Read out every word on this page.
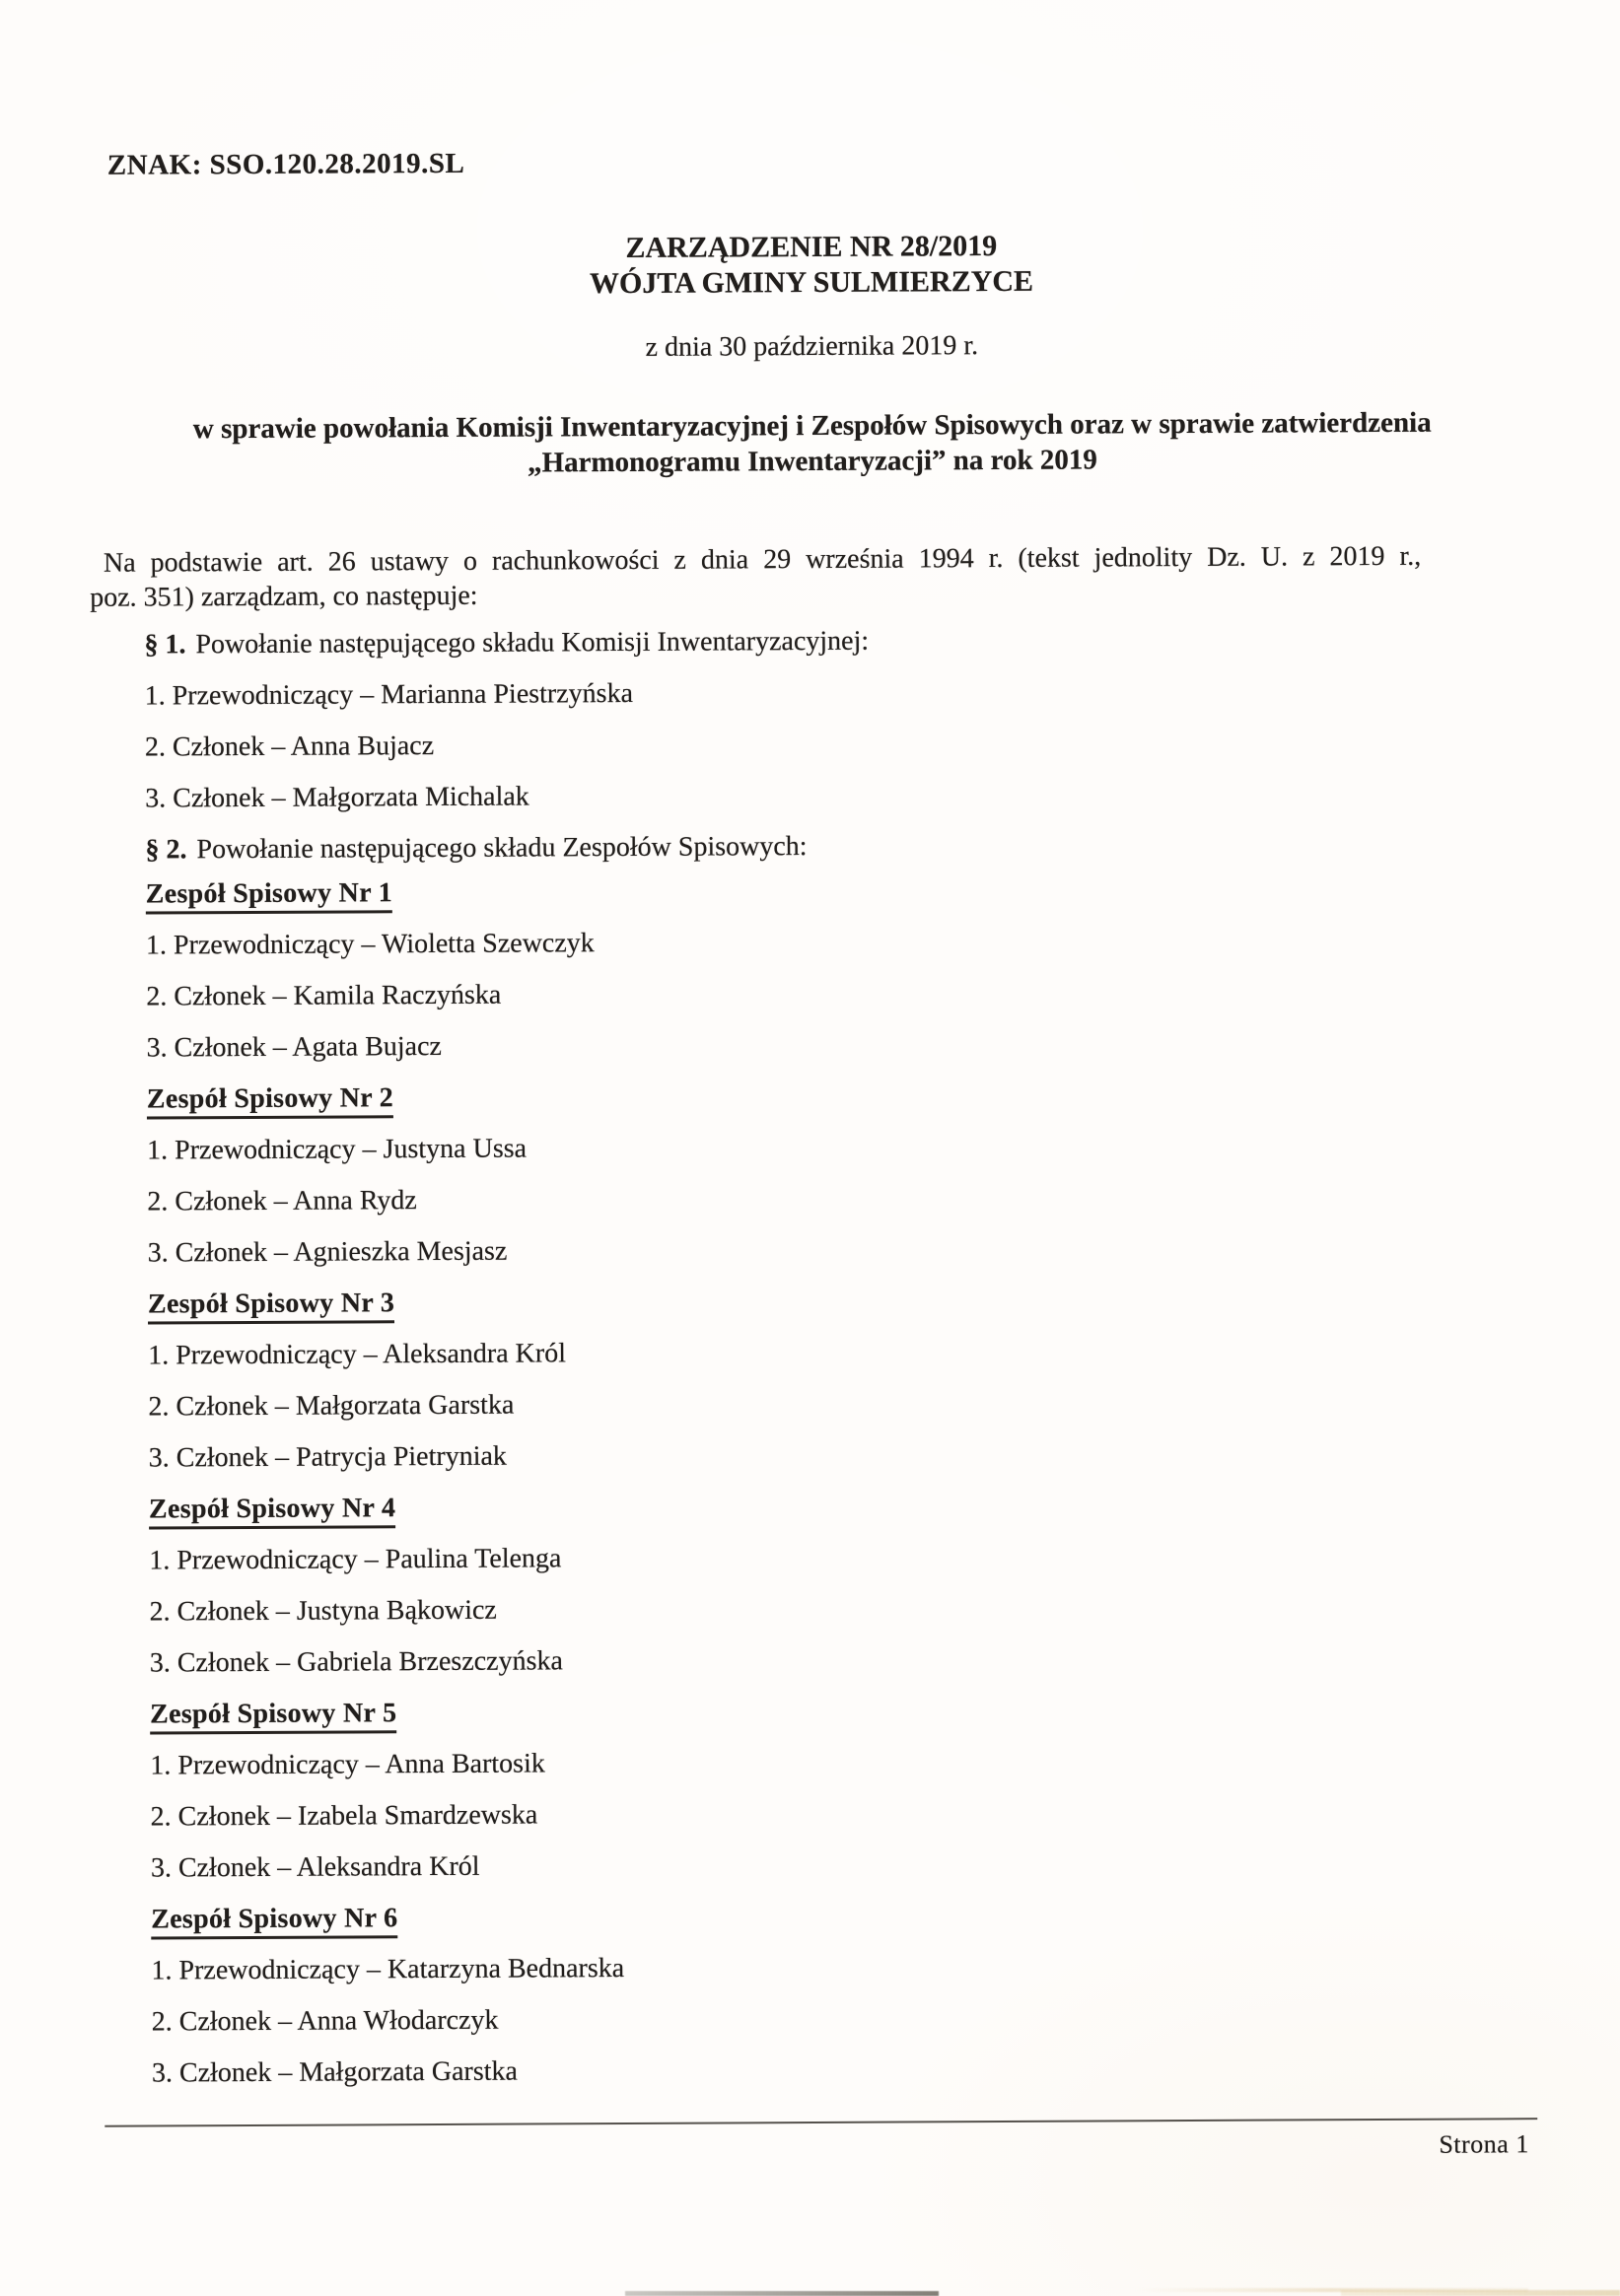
ZNAK: SSO.120.28.2019.SL
ZARZĄDZENIE NR 28/2019
WÓJTA GMINY SULMIERZYCE
z dnia 30 października 2019 r.
w sprawie powołania Komisji Inwentaryzacyjnej i Zespołów Spisowych oraz w sprawie zatwierdzenia
„Harmonogramu Inwentaryzacji” na rok 2019
Na podstawie art. 26 ustawy o rachunkowości z dnia 29 września 1994 r. (tekst jednolity Dz. U. z 2019 r.,
poz. 351) zarządzam, co następuje:
§ 1. Powołanie następującego składu Komisji Inwentaryzacyjnej:
1. Przewodniczący – Marianna Piestrzyńska
2. Członek – Anna Bujacz
3. Członek – Małgorzata Michalak
§ 2. Powołanie następującego składu Zespołów Spisowych:
Zespół Spisowy Nr 1
1. Przewodniczący – Wioletta Szewczyk
2. Członek – Kamila Raczyńska
3. Członek – Agata Bujacz
Zespół Spisowy Nr 2
1. Przewodniczący – Justyna Ussa
2. Członek – Anna Rydz
3. Członek – Agnieszka Mesjasz
Zespół Spisowy Nr 3
1. Przewodniczący – Aleksandra Król
2. Członek – Małgorzata Garstka
3. Członek – Patrycja Pietryniak
Zespół Spisowy Nr 4
1. Przewodniczący – Paulina Telenga
2. Członek – Justyna Bąkowicz
3. Członek – Gabriela Brzeszczyńska
Zespół Spisowy Nr 5
1. Przewodniczący – Anna Bartosik
2. Członek – Izabela Smardzewska
3. Członek – Aleksandra Król
Zespół Spisowy Nr 6
1. Przewodniczący – Katarzyna Bednarska
2. Członek – Anna Włodarczyk
3. Członek – Małgorzata Garstka
Strona 1
